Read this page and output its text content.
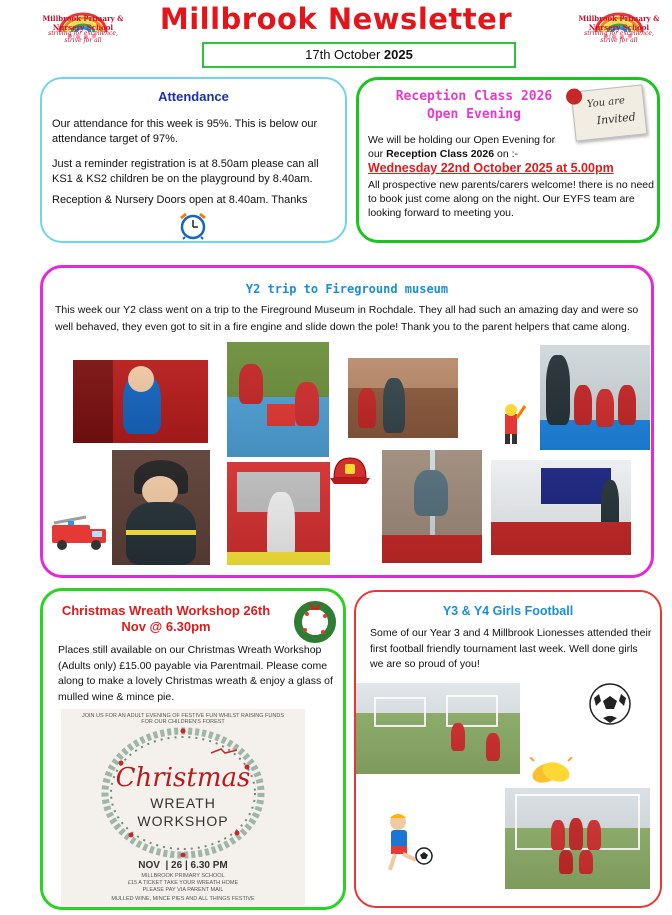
Millbrook Primary & Nursery School
striving for excellence,
strive for all
Millbrook Newsletter	Millbrook Primary & Nursery School
striving for excellence,
strive for all
17th October 2025
Attendance
Our attendance for this week is 95%. This is below our attendance target of 97%.
Just a reminder registration is at 8.50am please can all KS1 & KS2 children be on the playground by 8.40am.
Reception & Nursery Doors open at 8.40am. Thanks
Reception Class 2026
Open Evening
You are
Invited
We will be holding our Open Evening for our Reception Class 2026 on :-
Wednesday 22nd October 2025 at 5.00pm
All prospective new parents/carers welcome! there is no need to book just come along on the night. Our EYFS team are looking forward to meeting you.
Y2 trip to Fireground museum
This week our Y2 class went on a trip to the Fireground Museum in Rochdale. They all had such an amazing day and were so well behaved, they even got to sit in a fire engine and slide down the pole! Thank you to the parent helpers that came along.
Christmas Wreath Workshop 26th
Nov @ 6.30pm
Places still available on our Christmas Wreath Workshop (Adults only) £15.00 payable via Parentmail. Please come along to make a lovely Christmas wreath & enjoy a glass of mulled wine & mince pie.
JOIN US FOR AN ADULT EVENING OF FESTIVE FUN WHILST RAISING FUNDS
FOR OUR CHILDREN'S FOREST
Christmas
WREATH
WORKSHOP
NOV  | 26 | 6.30 PM
MILLBROOK PRIMARY SCHOOL
£15 A TICKET TAKE YOUR WREATH HOME
PLEASE PAY VIA PARENT MAIL
MULLED WINE, MINCE PIES AND ALL THINGS FESTIVE
Y3 & Y4 Girls Football
Some of our Year 3 and 4 Millbrook Lionesses attended their first football friendly tournament last week. Well done girls we are so proud of you!
